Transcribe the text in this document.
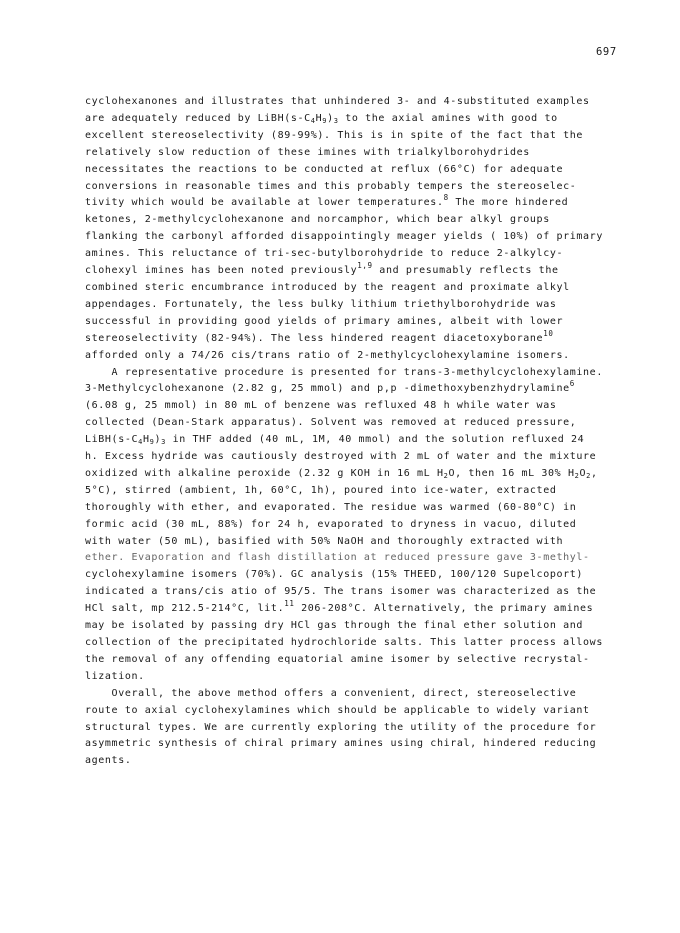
697
cyclohexanones and illustrates that unhindered 3- and 4-substituted examples
are adequately reduced by $LiBH(s-C_4H_9)_3$ to the axial amines with good to
excellent stereoselectivity (89-99%). This is in spite of the fact that the
relatively slow reduction of these imines with trialkylborohydrides
necessitates the reactions to be conducted at reflux (66°C) for adequate
conversions in reasonable times and this probably tempers the stereoselec-
tivity which would be available at lower temperatures.$^8$ The more hindered
ketones, 2-methylcyclohexanone and norcamphor, which bear alkyl groups
flanking the carbonyl afforded disappointingly meager yields ( 10%) of primary
amines. This reluctance of tri-sec-butylborohydride to reduce 2-alkylcy-
clohexyl imines has been noted previously$^{1,9}$ and presumably reflects the
combined steric encumbrance introduced by the reagent and proximate alkyl
appendages. Fortunately, the less bulky lithium triethylborohydride was
successful in providing good yields of primary amines, albeit with lower
stereoselectivity (82-94%). The less hindered reagent diacetoxyborane$^{10}$
afforded only a 74/26 cis/trans ratio of 2-methylcyclohexylamine isomers.
A representative procedure is presented for trans-3-methylcyclohexylamine.
3-Methylcyclohexanone (2.82 g, 25 mmol) and p,p -dimethoxybenzhydrylamine$^6$
(6.08 g, 25 mmol) in 80 mL of benzene was refluxed 48 h while water was
collected (Dean-Stark apparatus). Solvent was removed at reduced pressure,
$LiBH(s-C_4H_9)_3$ in THF added (40 mL, 1M, 40 mmol) and the solution refluxed 24
h. Excess hydride was cautiously destroyed with 2 mL of water and the mixture
oxidized with alkaline peroxide (2.32 g KOH in 16 mL $H_2O$, then 16 mL 30% $H_2O_2$,
5°C), stirred (ambient, 1h, 60°C, 1h), poured into ice-water, extracted
thoroughly with ether, and evaporated. The residue was warmed (60-80°C) in
formic acid (30 mL, 88%) for 24 h, evaporated to dryness in vacuo, diluted
with water (50 mL), basified with 50% NaOH and thoroughly extracted with
ether. Evaporation and flash distillation at reduced pressure gave 3-methyl-
cyclohexylamine isomers (70%). GC analysis (15% THEED, 100/120 Supelcoport)
indicated a trans/cis atio of 95/5. The trans isomer was characterized as the
HCl salt, mp 212.5-214°C, lit.$^{11}$ 206-208°C. Alternatively, the primary amines
may be isolated by passing dry HCl gas through the final ether solution and
collection of the precipitated hydrochloride salts. This latter process allows
the removal of any offending equatorial amine isomer by selective recrystal-
lization.
Overall, the above method offers a convenient, direct, stereoselective
route to axial cyclohexylamines which should be applicable to widely variant
structural types. We are currently exploring the utility of the procedure for
asymmetric synthesis of chiral primary amines using chiral, hindered reducing
agents.
